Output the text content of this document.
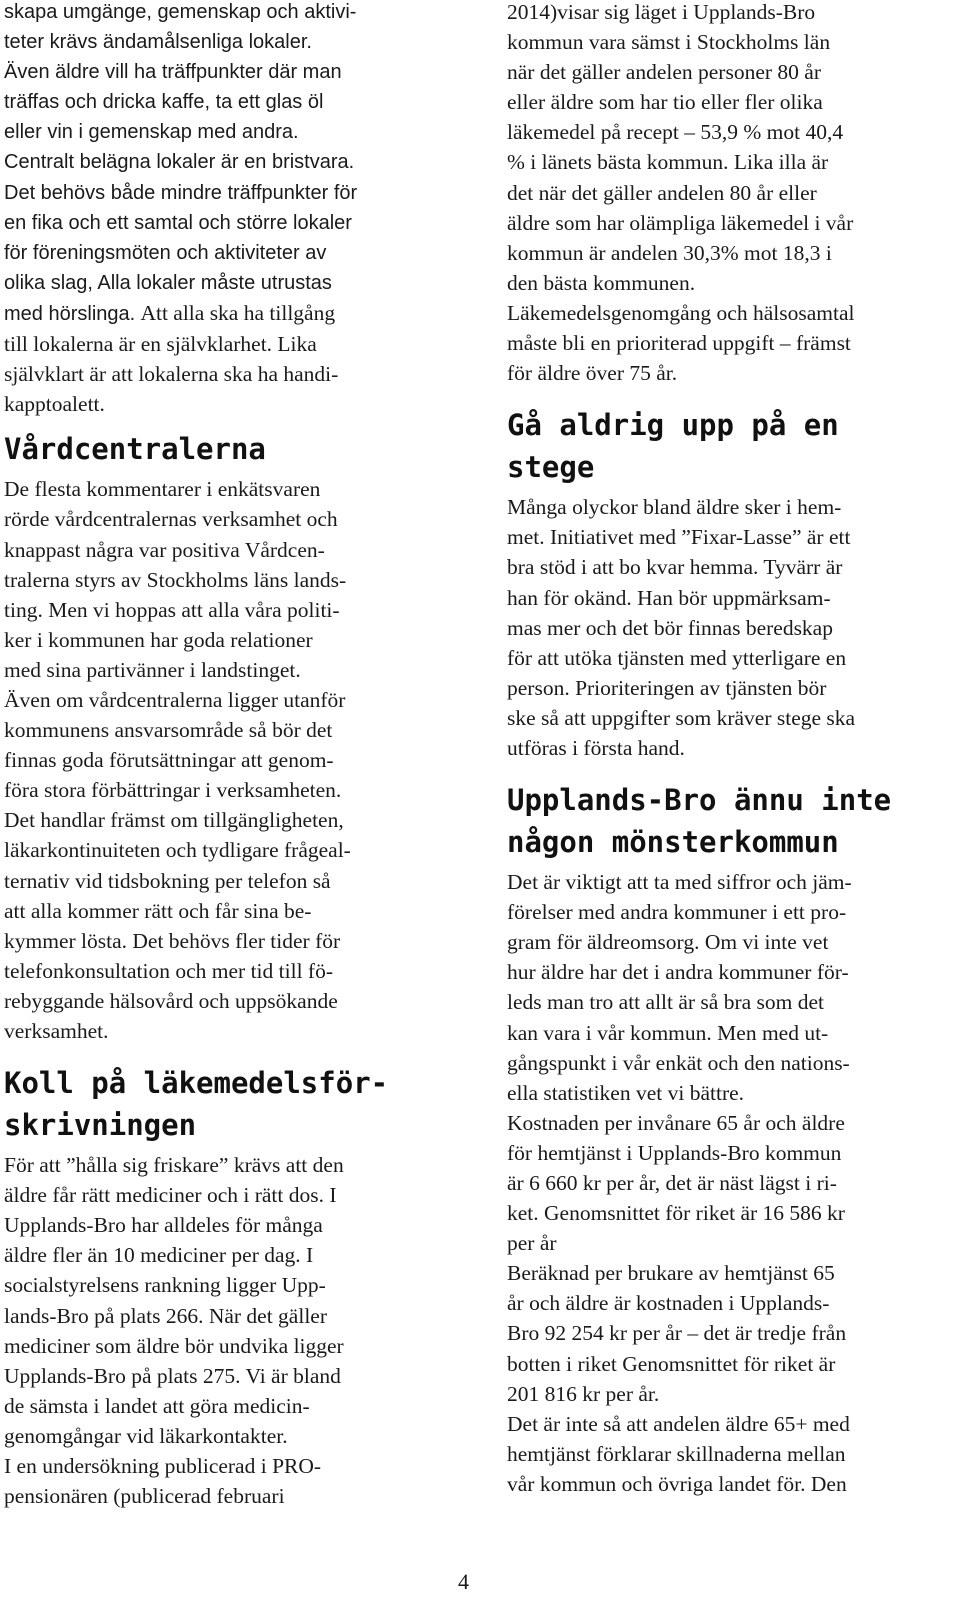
skapa umgänge, gemenskap och aktivi-
teter krävs ändamålsenliga lokaler.
Även äldre vill ha träffpunkter där man
träffas och dricka kaffe, ta ett glas öl
eller vin i gemenskap med andra.
Centralt belägna lokaler är en bristvara.
Det behövs både mindre träffpunkter för
en fika och ett samtal och större lokaler
för föreningsmöten och aktiviteter av
olika slag, Alla lokaler måste utrustas
med hörslinga. Att alla ska ha tillgång
till lokalerna är en självklarhet. Lika
självklart är att lokalerna ska ha handi-
kapptoalett.
Vårdcentralerna
De flesta kommentarer i enkätsvaren
rörde vårdcentralernas verksamhet och
knappast några var positiva Vårdcen-
tralerna styrs av Stockholms läns lands-
ting. Men vi hoppas att alla våra politi-
ker i kommunen har goda relationer
med sina partivänner i landstinget.
Även om vårdcentralerna ligger utanför
kommunens ansvarsområde så bör det
finnas goda förutsättningar att genom-
föra stora förbättringar i verksamheten.
Det handlar främst om tillgängligheten,
läkarkontinuiteten och tydligare frågeal-
ternativ vid tidsbokning per telefon så
att alla kommer rätt och får sina be-
kymmer lösta. Det behövs fler tider för
telefonkonsultation och mer tid till fö-
rebyggande hälsovård och uppsökande
verksamhet.
Koll på läkemedelsför-
skrivningen
För att ”hålla sig friskare” krävs att den
äldre får rätt mediciner och i rätt dos. I
Upplands-Bro har alldeles för många
äldre fler än 10 mediciner per dag. I
socialstyrelsens rankning ligger Upp-
lands-Bro på plats 266. När det gäller
mediciner som äldre bör undvika ligger
Upplands-Bro på plats 275. Vi är bland
de sämsta i landet att göra medicin-
genomgångar vid läkarkontakter.
I en undersökning publicerad i PRO-
pensionären (publicerad februari
2014)visar sig läget i Upplands-Bro
kommun vara sämst i Stockholms län
när det gäller andelen personer 80 år
eller äldre som har tio eller fler olika
läkemedel på recept – 53,9 % mot 40,4
% i länets bästa kommun. Lika illa är
det när det gäller andelen 80 år eller
äldre som har olämpliga läkemedel i vår
kommun är andelen 30,3% mot 18,3 i
den bästa kommunen.
Läkemedelsgenomgång och hälsosamtal
måste bli en prioriterad uppgift – främst
för äldre över 75 år.
Gå aldrig upp på en
stege
Många olyckor bland äldre sker i hem-
met. Initiativet med ”Fixar-Lasse” är ett
bra stöd i att bo kvar hemma. Tyvärr är
han för okänd. Han bör uppmärksam-
mas mer och det bör finnas beredskap
för att utöka tjänsten med ytterligare en
person. Prioriteringen av tjänsten bör
ske så att uppgifter som kräver stege ska
utföras i första hand.
Upplands-Bro ännu inte
någon mönsterkommun
Det är viktigt att ta med siffror och jäm-
förelser med andra kommuner i ett pro-
gram för äldreomsorg. Om vi inte vet
hur äldre har det i andra kommuner för-
leds man tro att allt är så bra som det
kan vara i vår kommun. Men med ut-
gångspunkt i vår enkät och den nations-
ella statistiken vet vi bättre.
Kostnaden per invånare 65 år och äldre
för hemtjänst i Upplands-Bro kommun
är 6 660 kr per år, det är näst lägst i ri-
ket. Genomsnittet för riket är 16 586 kr
per år
Beräknad per brukare av hemtjänst 65
år och äldre är kostnaden i Upplands-
Bro 92 254 kr per år – det är tredje från
botten i riket Genomsnittet för riket är
201 816 kr per år.
Det är inte så att andelen äldre 65+ med
hemtjänst förklarar skillnaderna mellan
vår kommun och övriga landet för. Den
4
